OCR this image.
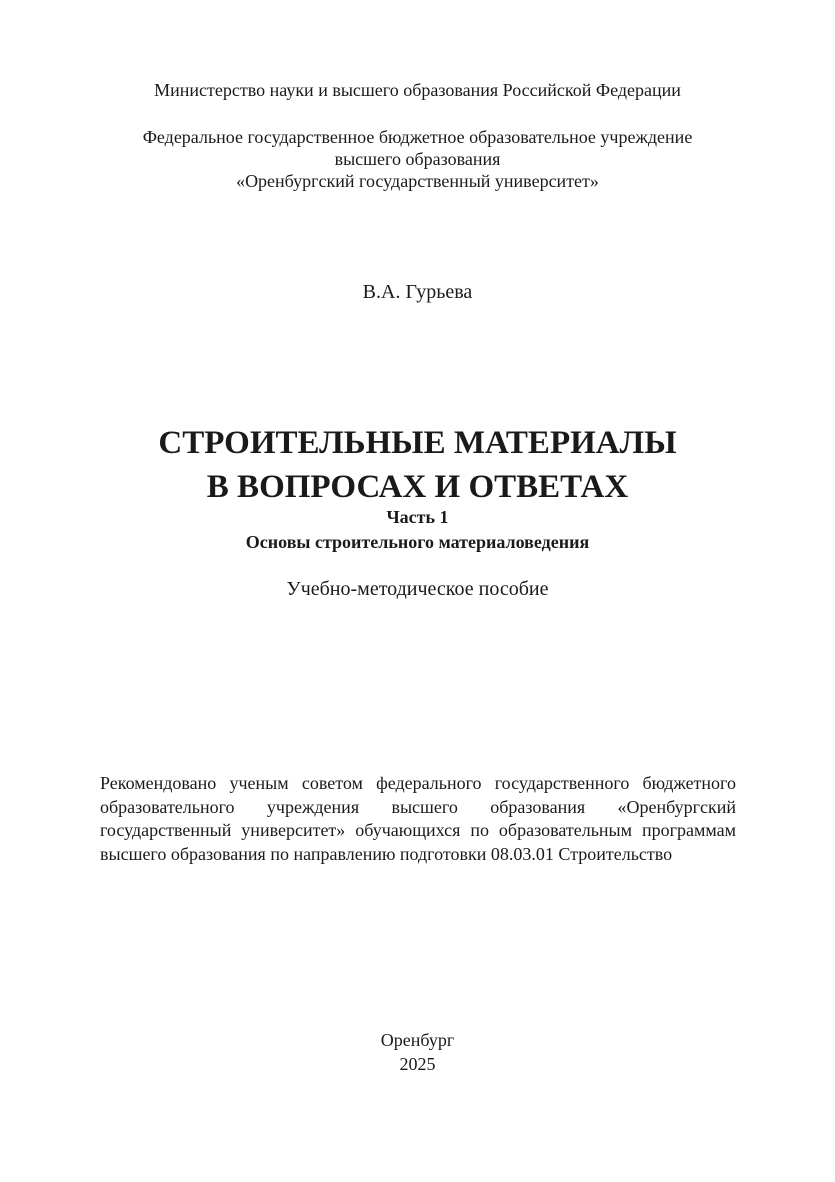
Министерство науки и высшего образования Российской Федерации
Федеральное государственное бюджетное образовательное учреждение
высшего образования
«Оренбургский государственный университет»
В.А. Гурьева
СТРОИТЕЛЬНЫЕ МАТЕРИАЛЫ
В ВОПРОСАХ И ОТВЕТАХ
Часть 1
Основы строительного материаловедения
Учебно-методическое пособие
Рекомендовано ученым советом федерального государственного бюджетного образовательного учреждения высшего образования «Оренбургский государственный университет» обучающихся по образовательным программам высшего образования по направлению подготовки 08.03.01 Строительство
Оренбург
2025
